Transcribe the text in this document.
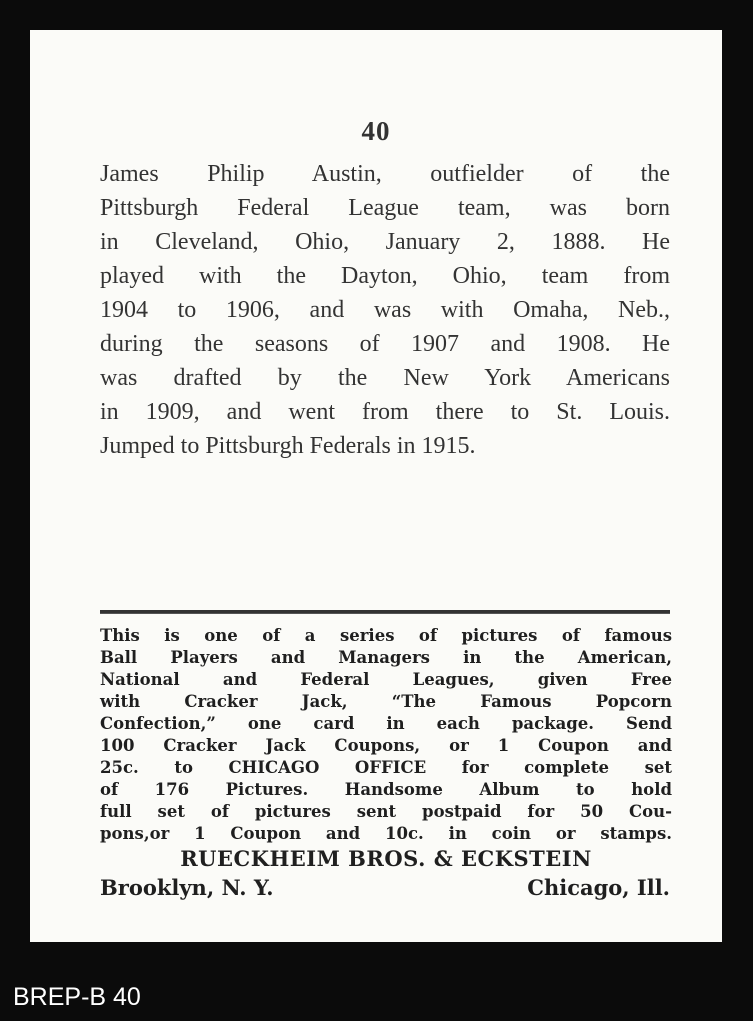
40
James Philip Austin, outfielder of the
Pittsburgh Federal League team, was born
in Cleveland, Ohio, January 2, 1888. He
played with the Dayton, Ohio, team from
1904 to 1906, and was with Omaha, Neb.,
during the seasons of 1907 and 1908. He
was drafted by the New York Americans
in 1909, and went from there to St. Louis.
Jumped to Pittsburgh Federals in 1915.
This is one of a series of pictures of famous
Ball Players and Managers in the American,
National and Federal Leagues, given Free
with Cracker Jack, “The Famous Popcorn
Confection,” one card in each package. Send
100 Cracker Jack Coupons, or 1 Coupon and
25c. to CHICAGO OFFICE for complete set
of 176 Pictures. Handsome Album to hold
full set of pictures sent postpaid for 50 Cou-
pons,or 1 Coupon and 10c. in coin or stamps.
RUECKHEIM BROS. & ECKSTEIN
Brooklyn, N. Y.	Chicago, Ill.
BREP-B 40
